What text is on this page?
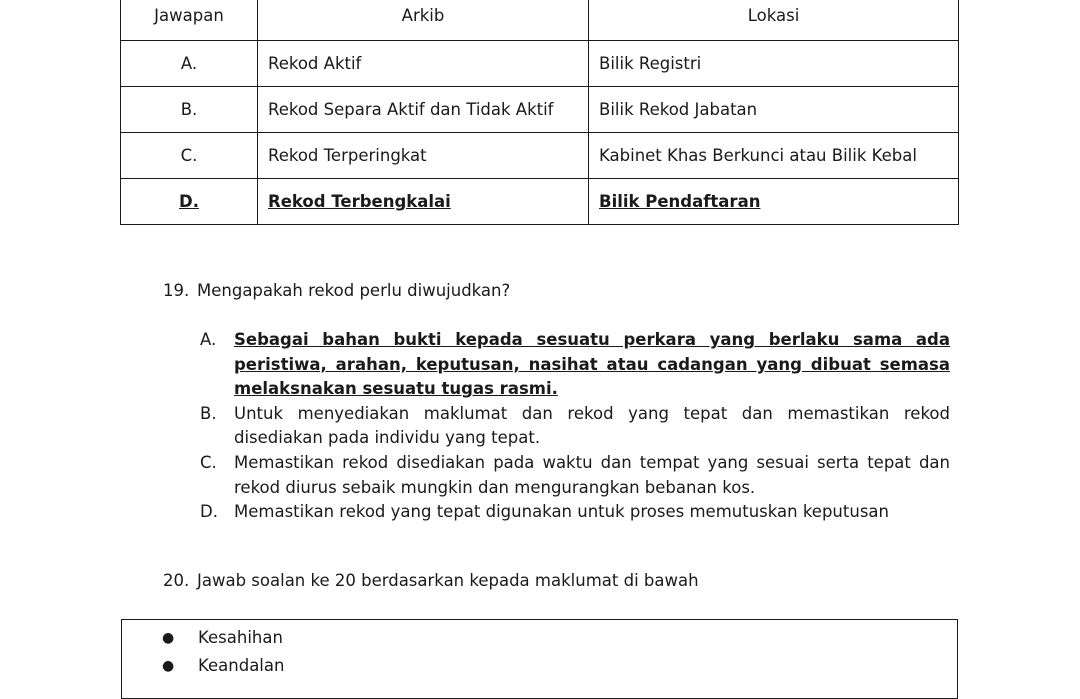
Jawapan	Arkib	Lokasi
A.	Rekod Aktif	Bilik Registri
B.	Rekod Separa Aktif dan Tidak Aktif	Bilik Rekod Jabatan
C.	Rekod Terperingkat	Kabinet Khas Berkunci atau Bilik Kebal
D.	Rekod Terbengkalai	Bilik Pendaftaran
19. Mengapakah rekod perlu diwujudkan?
A.	Sebagai bahan bukti kepada sesuatu perkara yang berlaku sama ada peristiwa, arahan, keputusan, nasihat atau cadangan yang dibuat semasa melaksnakan sesuatu tugas rasmi.
B.	Untuk menyediakan maklumat dan rekod yang tepat dan memastikan rekod disediakan pada individu yang tepat.
C.	Memastikan rekod disediakan pada waktu dan tempat yang sesuai serta tepat dan rekod diurus sebaik mungkin dan mengurangkan bebanan kos.
D. Memastikan rekod yang tepat digunakan untuk proses memutuskan keputusan
20. Jawab soalan ke 20 berdasarkan kepada maklumat di bawah
●	Kesahihan
●	Keandalan
